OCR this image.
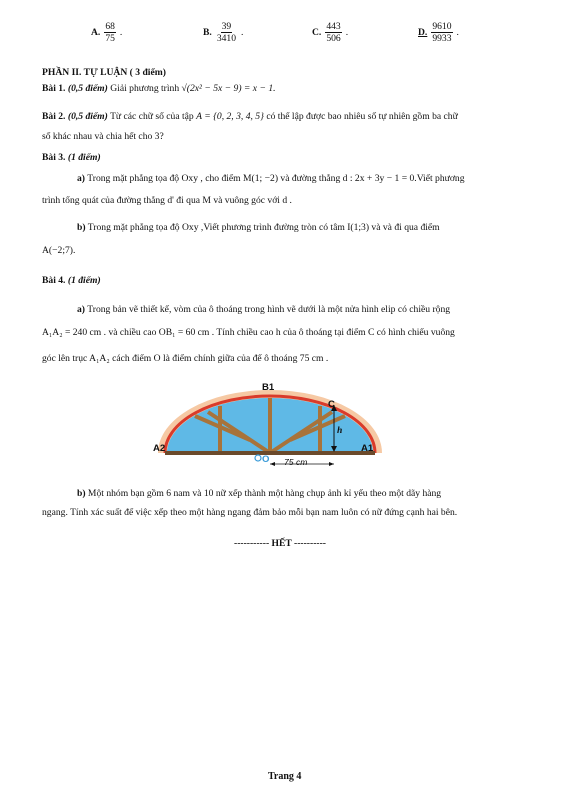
A. $\frac{68}{75}$ .	B. $\frac{39}{3410}$ .	C. $\frac{443}{506}$ .	D. $\frac{9610}{9933}$ .
PHẦN II. TỰ LUẬN ( 3 điểm)
Bài 1. (0,5 điểm) Giải phương trình √(2x² − 5x − 9) = x − 1.
Bài 2. (0,5 điểm) Từ các chữ số của tập A = {0, 2, 3, 4, 5} có thể lập được bao nhiêu số tự nhiên gồm ba chữ
số khác nhau và chia hết cho 3?
Bài 3. (1 điểm)
a) Trong mặt phẳng tọa độ Oxy , cho điểm M(1; −2) và đường thẳng d : 2x + 3y − 1 = 0.Viết phương
trình tổng quát của đường thẳng d' đi qua M và vuông góc với d .
b) Trong mặt phẳng tọa độ Oxy ,Viết phương trình đường tròn có tâm I(1;3) và và đi qua điểm
A(−2;7).
Bài 4. (1 điểm)
a) Trong bản vẽ thiết kế, vòm của ô thoáng trong hình vẽ dưới là một nửa hình elip có chiều rộng
A₁A₂ = 240 cm . và chiều cao OB₁ = 60 cm . Tính chiều cao h của ô thoáng tại điểm C có hình chiếu vuông
góc lên trục A₁A₂ cách điểm O là điểm chính giữa của đế ô thoáng 75 cm .
B1
C
h
A2	A1
O 75 cm
b) Một nhóm bạn gồm 6 nam và 10 nữ xếp thành một hàng chụp ảnh kỉ yếu theo một dãy hàng
ngang. Tính xác suất để việc xếp theo một hàng ngang đảm bảo mỗi bạn nam luôn có nữ đứng cạnh hai bên.
----------- HẾT ----------
Trang 4
